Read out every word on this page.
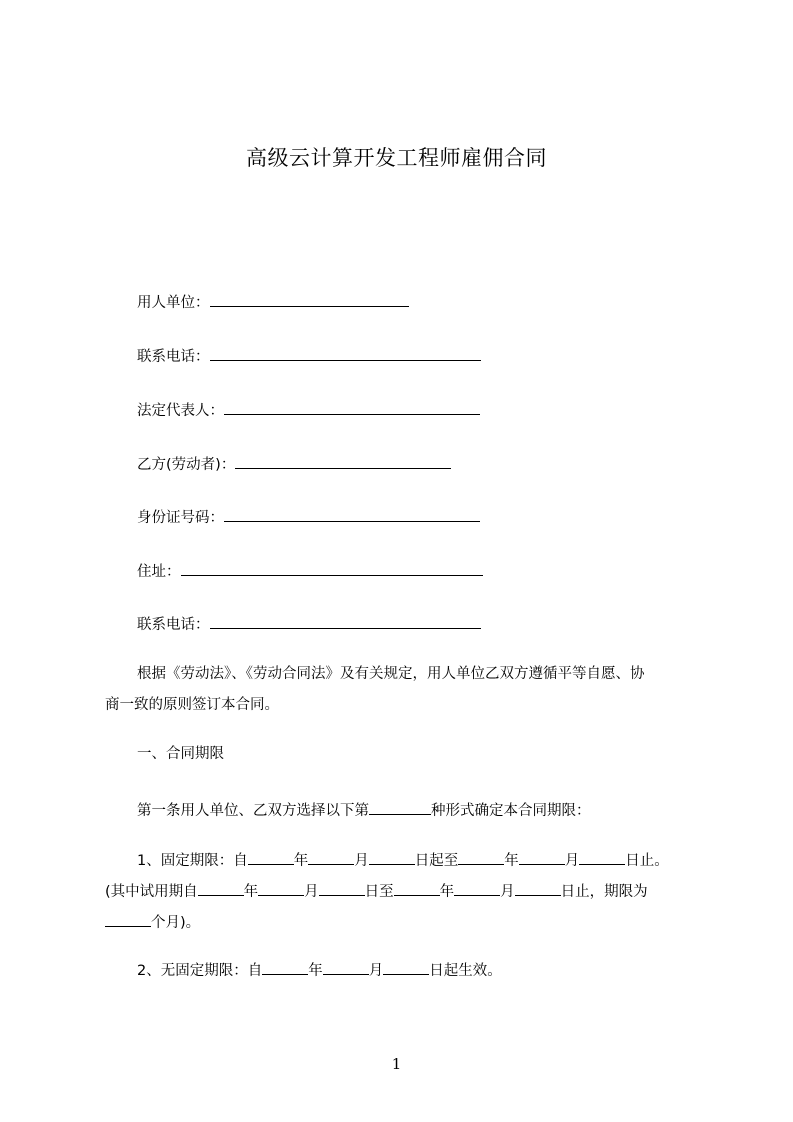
高级云计算开发工程师雇佣合同
用人单位：
联系电话：
法定代表人：
乙方(劳动者)：
身份证号码：
住址：
联系电话：
根据《劳动法》、《劳动合同法》及有关规定，用人单位乙双方遵循平等自愿、协
商一致的原则签订本合同。
一、合同期限
第一条用人单位、乙双方选择以下第	种形式确定本合同期限：
1、固定期限：自	年	月	日起至	年	月	日止。
(其中试用期自	年	月	日至	年	月	日止，期限为
个月)。
2、无固定期限：自	年	月	日起生效。
1
